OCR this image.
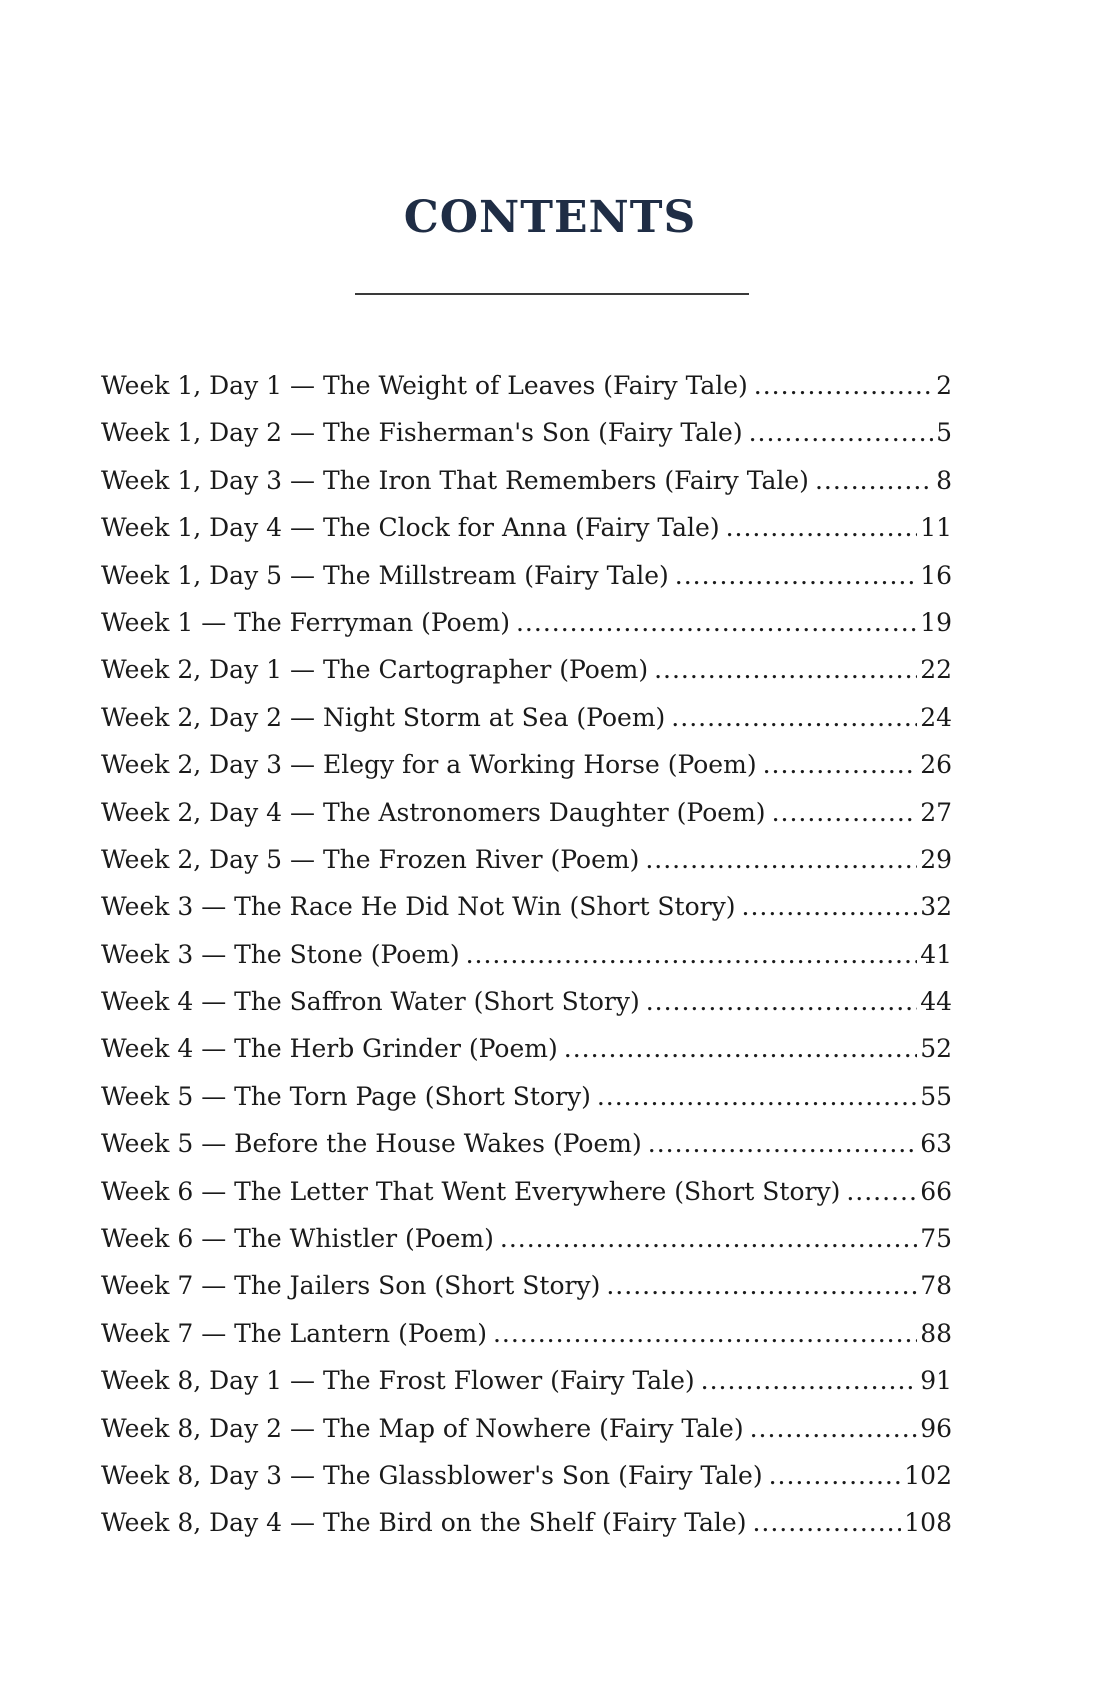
CONTENTS
Week 1, Day 1 — The Weight of Leaves (Fairy Tale) .....	2
Week 1, Day 2 — The Fisherman's Son (Fairy Tale) .....	5
Week 1, Day 3 — The Iron That Remembers (Fairy Tale) .....	8
Week 1, Day 4 — The Clock for Anna (Fairy Tale) .....	11
Week 1, Day 5 — The Millstream (Fairy Tale) .....	16
Week 1 — The Ferryman (Poem) .....	19
Week 2, Day 1 — The Cartographer (Poem) .....	22
Week 2, Day 2 — Night Storm at Sea (Poem) .....	24
Week 2, Day 3 — Elegy for a Working Horse (Poem) .....	26
Week 2, Day 4 — The Astronomers Daughter (Poem) .....	27
Week 2, Day 5 — The Frozen River (Poem) .....	29
Week 3 — The Race He Did Not Win (Short Story) .....	32
Week 3 — The Stone (Poem) .....	41
Week 4 — The Saffron Water (Short Story) .....	44
Week 4 — The Herb Grinder (Poem) .....	52
Week 5 — The Torn Page (Short Story) .....	55
Week 5 — Before the House Wakes (Poem) .....	63
Week 6 — The Letter That Went Everywhere (Short Story) .....	66
Week 6 — The Whistler (Poem) .....	75
Week 7 — The Jailers Son (Short Story) .....	78
Week 7 — The Lantern (Poem) .....	88
Week 8, Day 1 — The Frost Flower (Fairy Tale) .....	91
Week 8, Day 2 — The Map of Nowhere (Fairy Tale) .....	96
Week 8, Day 3 — The Glassblower's Son (Fairy Tale) .....	102
Week 8, Day 4 — The Bird on the Shelf (Fairy Tale) .....	108
